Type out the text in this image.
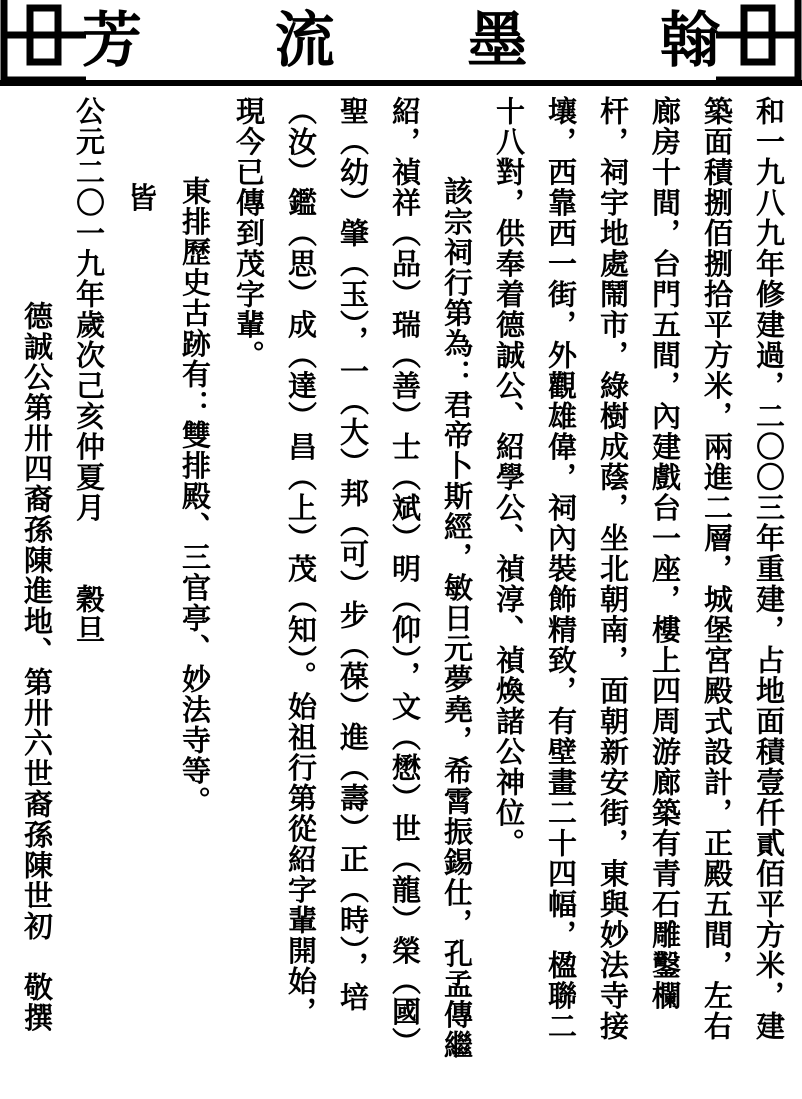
芳 流 墨 翰
和一九八九年修建過，二〇〇三年重建，占地面積壹仟貳佰平方米，建
築面積捌佰捌拾平方米，兩進二層，城堡宮殿式設計，正殿五間，左右
廊房十間，台門五間，內建戲台一座，樓上四周游廊築有青石雕鑿欄
杆，祠宇地處鬧市，綠樹成蔭，坐北朝南，面朝新安街，東與妙法寺接
壤，西靠西一街，外觀雄偉，祠內裝飾精致，有壁畫二十四幅，楹聯二
十八對，供奉着德誠公、紹學公、禎淳、禎煥諸公神位。
該宗祠行第為：君帝卜斯經，敏日元夢堯，希霄振錫仕，孔孟傳繼
紹，禎祥（品）瑞（善）士（斌）明（仰），文（懋）世（龍）榮（國）
聖（幼）肇（玉），一（大）邦（可）步（葆）進（壽）正（時），培
（汝）鑑（思）成（達）昌（上）茂（知）。始祖行第從紹字輩開始，
現今已傳到茂字輩。
東排歷史古跡有：雙排殿、三官亭、妙法寺等。
　皆
公元二〇一九年歲次己亥仲夏月　　穀旦
德誠公第卅四裔孫陳進地、第卅六世裔孫陳世初　敬撰
